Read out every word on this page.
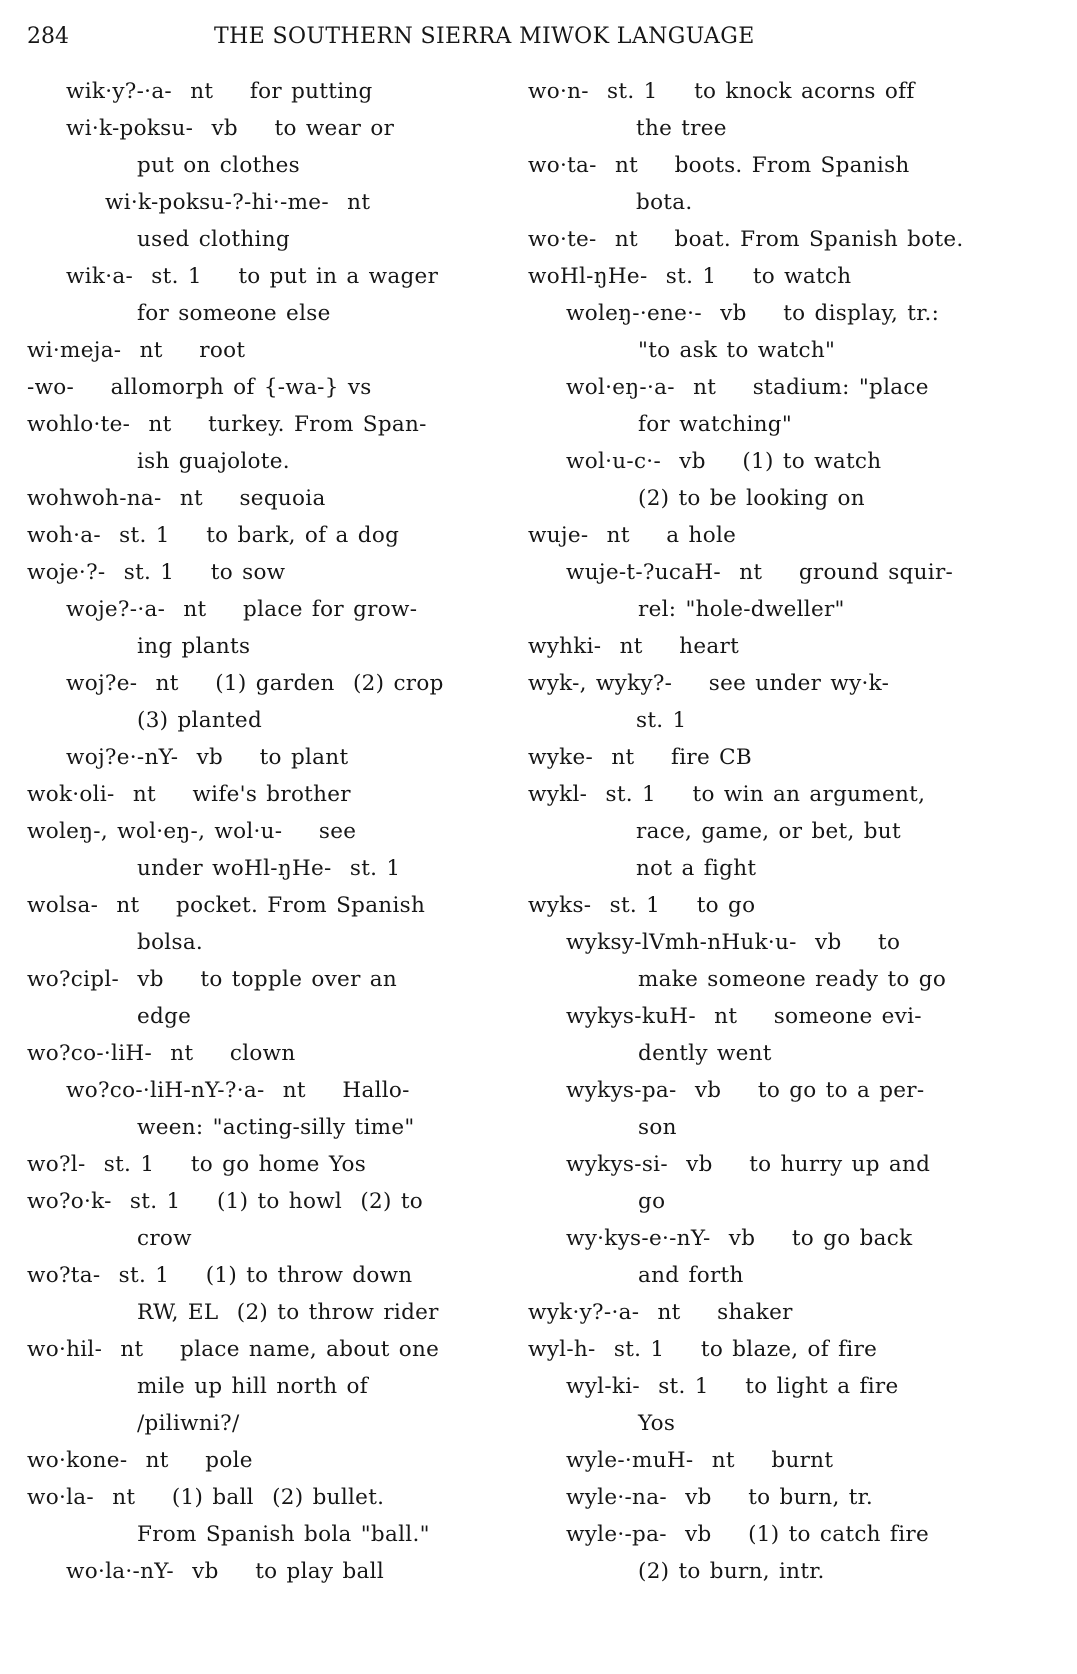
284	THE SOUTHERN SIERRA MIWOK LANGUAGE
wik·y?-·a-  nt    for putting
wi·k-poksu-  vb    to wear or
put on clothes
wi·k-poksu-?-hi·-me-  nt
used clothing
wik·a-  st. 1    to put in a wager
for someone else
wi·meja-  nt    root
-wo-    allomorph of {-wa-} vs
wohlo·te-  nt    turkey. From Span-
ish guajolote.
wohwoh-na-  nt    sequoia
woh·a-  st. 1    to bark, of a dog
woje·?-  st. 1    to sow
woje?-·a-  nt    place for grow-
ing plants
woj?e-  nt    (1) garden  (2) crop
(3) planted
woj?e·-nY-  vb    to plant
wok·oli-  nt    wife's brother
woleŋ-, wol·eŋ-, wol·u-    see
under woHl-ŋHe-  st. 1
wolsa-  nt    pocket. From Spanish
bolsa.
wo?cipl-  vb    to topple over an
edge
wo?co-·liH-  nt    clown
wo?co-·liH-nY-?·a-  nt    Hallo-
ween: "acting-silly time"
wo?l-  st. 1    to go home Yos
wo?o·k-  st. 1    (1) to howl  (2) to
crow
wo?ta-  st. 1    (1) to throw down
RW, EL  (2) to throw rider
wo·hil-  nt    place name, about one
mile up hill north of
/piliwni?/
wo·kone-  nt    pole
wo·la-  nt    (1) ball  (2) bullet.
From Spanish bola "ball."
wo·la·-nY-  vb    to play ball
wo·n-  st. 1    to knock acorns off
the tree
wo·ta-  nt    boots. From Spanish
bota.
wo·te-  nt    boat. From Spanish bote.
woHl-ŋHe-  st. 1    to watch
woleŋ-·ene·-  vb    to display, tr.:
"to ask to watch"
wol·eŋ-·a-  nt    stadium: "place
for watching"
wol·u-c·-  vb    (1) to watch
(2) to be looking on
wuje-  nt    a hole
wuje-t-?ucaH-  nt    ground squir-
rel: "hole-dweller"
wyhki-  nt    heart
wyk-, wyky?-    see under wy·k-
st. 1
wyke-  nt    fire CB
wykl-  st. 1    to win an argument,
race, game, or bet, but
not a fight
wyks-  st. 1    to go
wyksy-lVmh-nHuk·u-  vb    to
make someone ready to go
wykys-kuH-  nt    someone evi-
dently went
wykys-pa-  vb    to go to a per-
son
wykys-si-  vb    to hurry up and
go
wy·kys-e·-nY-  vb    to go back
and forth
wyk·y?-·a-  nt    shaker
wyl-h-  st. 1    to blaze, of fire
wyl-ki-  st. 1    to light a fire
Yos
wyle-·muH-  nt    burnt
wyle·-na-  vb    to burn, tr.
wyle·-pa-  vb    (1) to catch fire
(2) to burn, intr.
